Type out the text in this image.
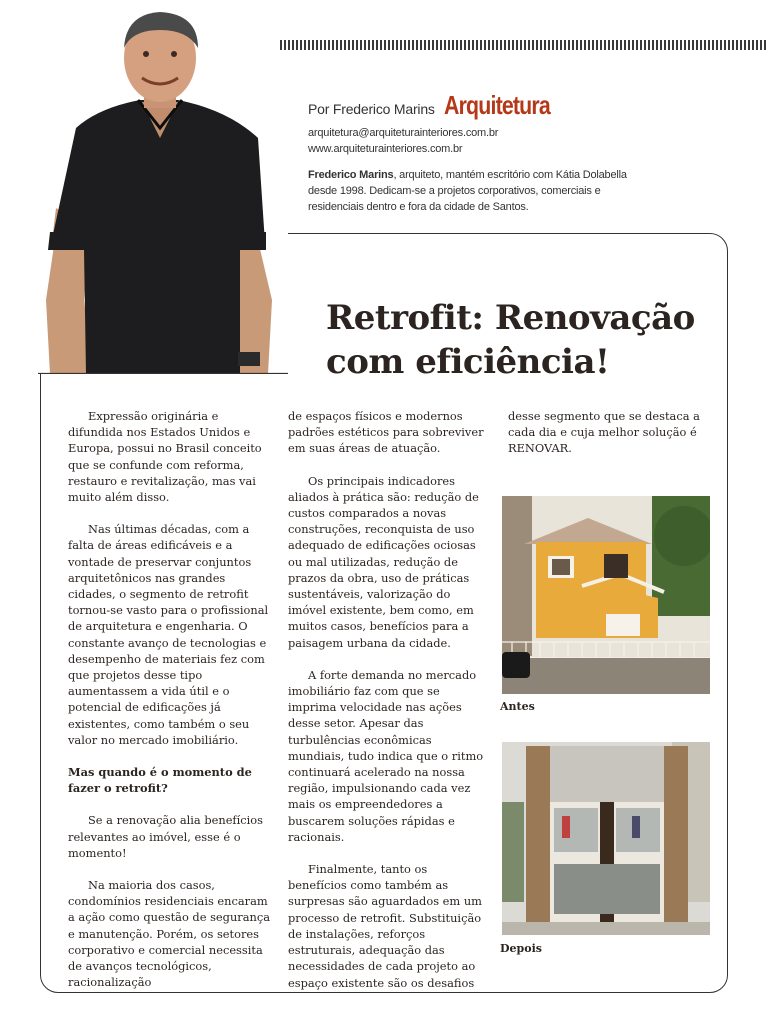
Por Frederico Marins Arquitetura
arquitetura@arquiteturainteriores.com.br
www.arquiteturainteriores.com.br
Frederico Marins, arquiteto, mantém escritório com Kátia Dolabella desde 1998. Dedicam-se a projetos corporativos, comerciais e residenciais dentro e fora da cidade de Santos.
Retrofit: Renovação com eficiência!

Expressão originária e difundida nos Estados Unidos e Europa, possui no Brasil conceito que se confunde com reforma, restauro e revitalização, mas vai muito além disso.

Nas últimas décadas, com a falta de áreas edificáveis e a vontade de preservar conjuntos arquitetônicos nas grandes cidades, o segmento de retrofit tornou-se vasto para o profissional de arquitetura e engenharia. O constante avanço de tecnologias e desempenho de materiais fez com que projetos desse tipo aumentassem a vida útil e o potencial de edificações já existentes, como também o seu valor no mercado imobiliário.

Mas quando é o momento de fazer o retrofit?

Se a renovação alia benefícios relevantes ao imóvel, esse é o momento!

Na maioria dos casos, condomínios residenciais encaram a ação como questão de segurança e manutenção. Porém, os setores corporativo e comercial necessita de avanços tecnológicos, racionalização

de espaços físicos e modernos padrões estéticos para sobreviver em suas áreas de atuação.

Os principais indicadores aliados à prática são: redução de custos comparados a novas construções, reconquista de uso adequado de edificações ociosas ou mal utilizadas, redução de prazos da obra, uso de práticas sustentáveis, valorização do imóvel existente, bem como, em muitos casos, benefícios para a paisagem urbana da cidade.

A forte demanda no mercado imobiliário faz com que se imprima velocidade nas ações desse setor. Apesar das turbulências econômicas mundiais, tudo indica que o ritmo continuará acelerado na nossa região, impulsionando cada vez mais os empreendedores a buscarem soluções rápidas e racionais.

Finalmente, tanto os benefícios como também as surpresas são aguardados em um processo de retrofit. Substituição de instalações, reforços estruturais, adequação das necessidades de cada projeto ao espaço existente são os desafios

desse segmento que se destaca a cada dia e cuja melhor solução é RENOVAR.

Antes
Depois
